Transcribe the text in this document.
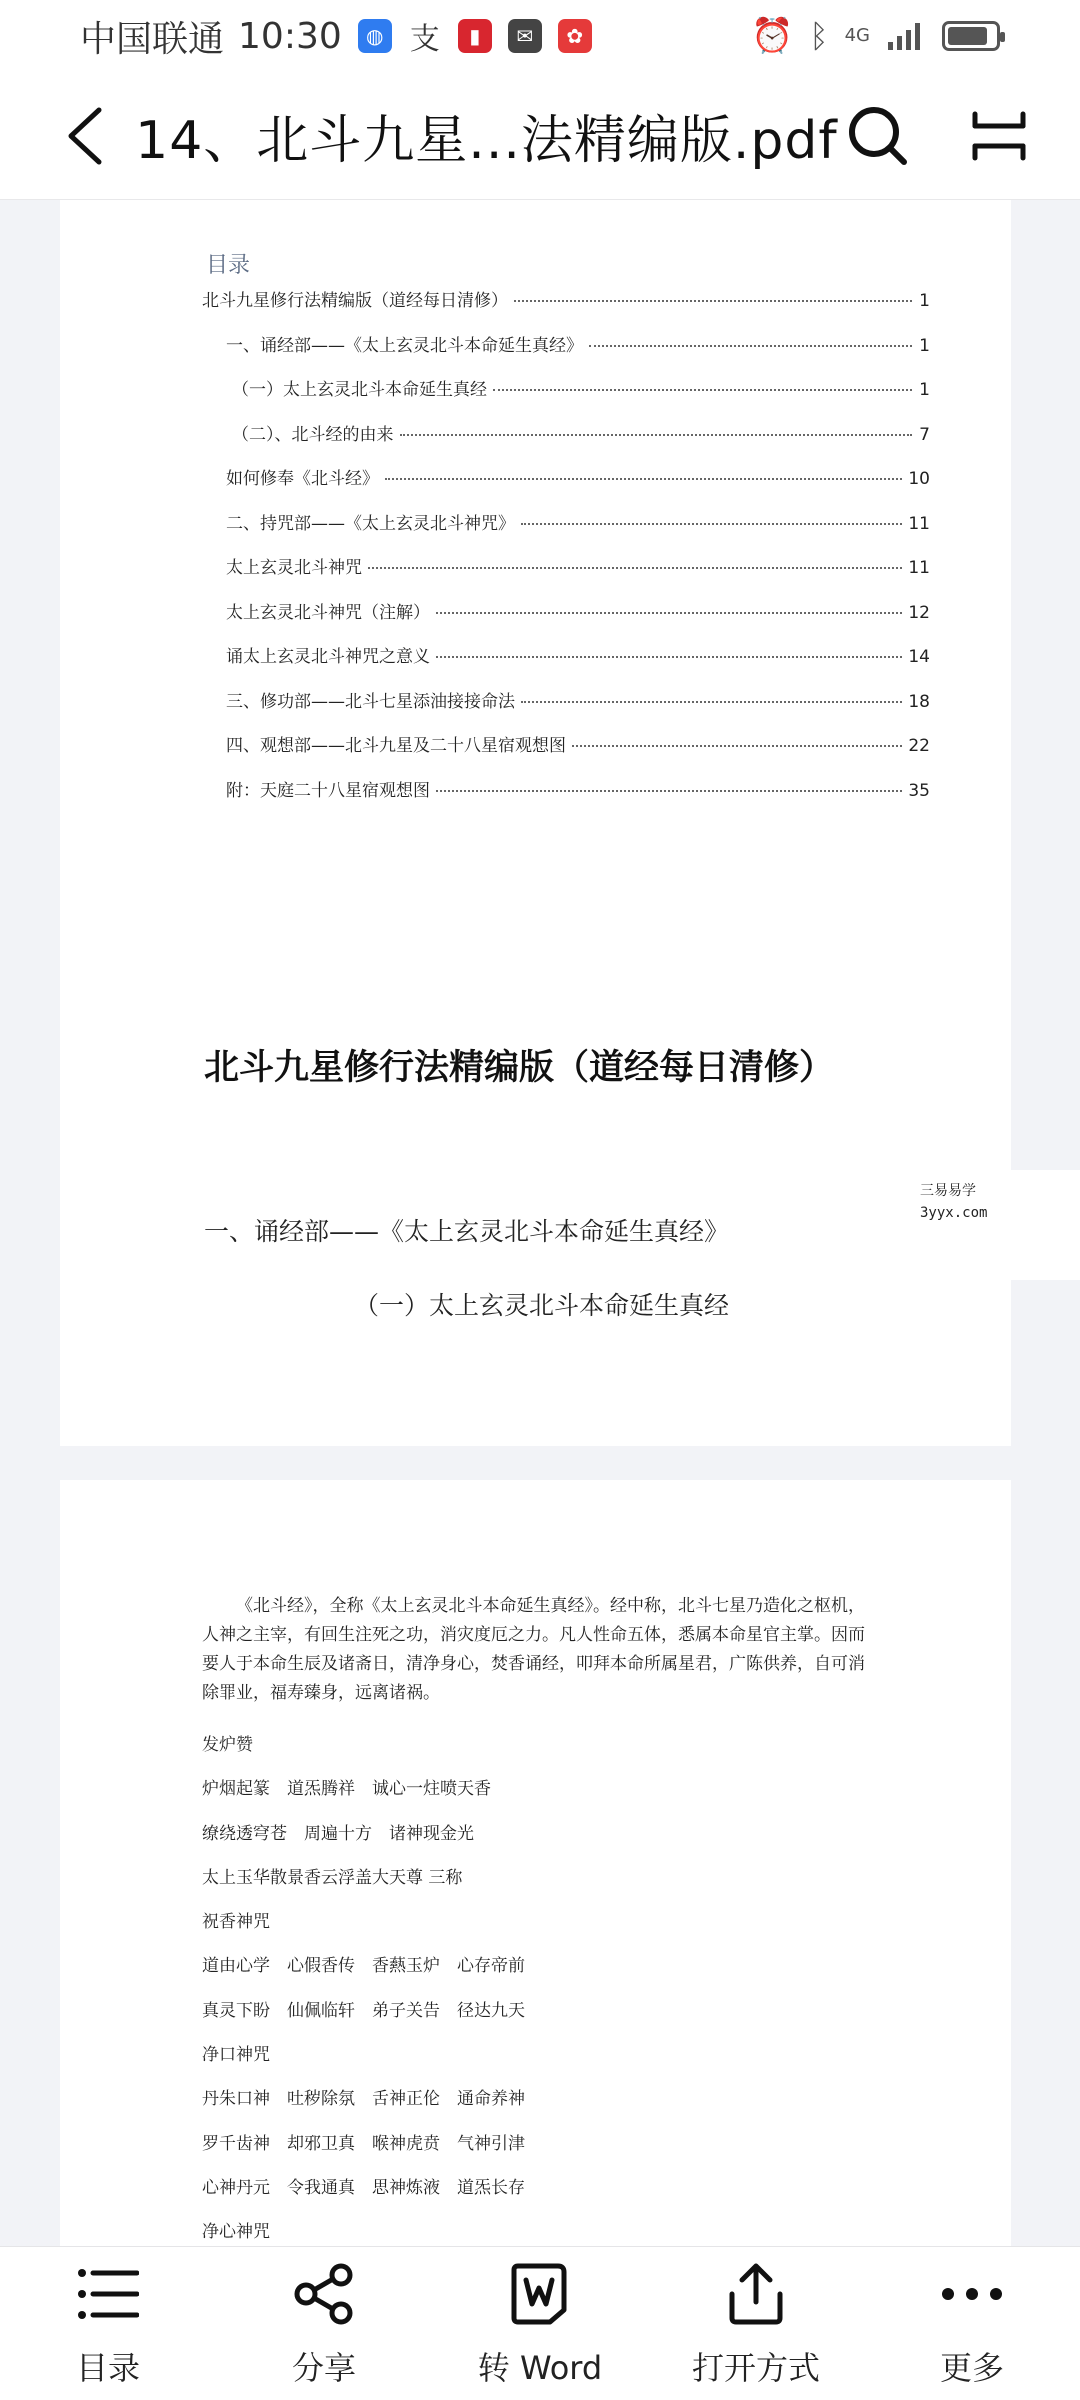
中国联通 10:30	◍ 支	▮	✉	✿	⏰ ᛒ 4G
14、北斗九星...法精编版.pdf
目录
北斗九星修行法精编版（道经每日清修）	1
一、诵经部——《太上玄灵北斗本命延生真经》	1
（一）太上玄灵北斗本命延生真经	1
（二）、北斗经的由来	7
如何修奉《北斗经》	10
二、持咒部——《太上玄灵北斗神咒》	11
太上玄灵北斗神咒	11
太上玄灵北斗神咒（注解）	12
诵太上玄灵北斗神咒之意义	14
三、修功部——北斗七星添油接接命法	18
四、观想部——北斗九星及二十八星宿观想图	22
附：天庭二十八星宿观想图	35
北斗九星修行法精编版（道经每日清修）
一、诵经部——《太上玄灵北斗本命延生真经》
（一）太上玄灵北斗本命延生真经
三易易学
3yyx.com
《北斗经》，全称《太上玄灵北斗本命延生真经》。经中称，北斗七星乃造化之枢机，人神之主宰，有回生注死之功，消灾度厄之力。凡人性命五体，悉属本命星官主掌。因而要人于本命生辰及诸斋日，清净身心，焚香诵经，叩拜本命所属星君，广陈供养，自可消除罪业，福寿臻身，远离诸祸。
发炉赞
炉烟起篆　道炁腾祥　诚心一炷喷天香
缭绕透穹苍　周遍十方　诸神现金光
太上玉华散景香云浮盖大天尊 三称
祝香神咒
道由心学　心假香传　香爇玉炉　心存帝前
真灵下盼　仙佩临轩　弟子关告　径达九天
净口神咒
丹朱口神　吐秽除氛　舌神正伦　通命养神
罗千齿神　却邪卫真　喉神虎贲　气神引津
心神丹元　令我通真　思神炼液　道炁长存
净心神咒
目录	分享	转 Word	打开方式	更多
